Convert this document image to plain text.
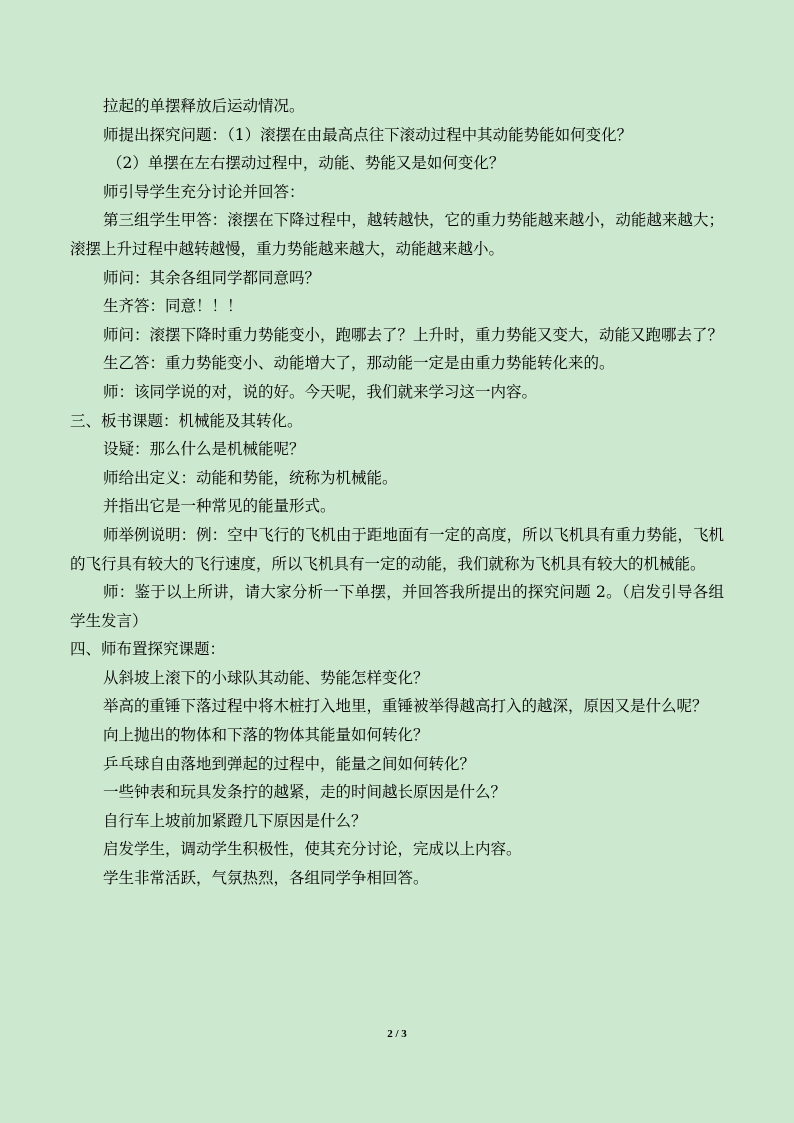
拉起的单摆释放后运动情况。

师提出探究问题：（1）滚摆在由最高点往下滚动过程中其动能势能如何变化？

（2）单摆在左右摆动过程中，动能、势能又是如何变化？

师引导学生充分讨论并回答：

第三组学生甲答：滚摆在下降过程中，越转越快，它的重力势能越来越小，动能越来越大；滚摆上升过程中越转越慢，重力势能越来越大，动能越来越小。

师问：其余各组同学都同意吗？

生齐答：同意！！！

师问：滚摆下降时重力势能变小，跑哪去了？上升时，重力势能又变大，动能又跑哪去了？

生乙答：重力势能变小、动能增大了，那动能一定是由重力势能转化来的。

师：该同学说的对，说的好。今天呢，我们就来学习这一内容。

三、板书课题：机械能及其转化。

设疑：那么什么是机械能呢？

师给出定义：动能和势能，统称为机械能。

并指出它是一种常见的能量形式。

师举例说明：例：空中飞行的飞机由于距地面有一定的高度，所以飞机具有重力势能，飞机的飞行具有较大的飞行速度，所以飞机具有一定的动能，我们就称为飞机具有较大的机械能。

师：鉴于以上所讲，请大家分析一下单摆，并回答我所提出的探究问题 2。（启发引导各组学生发言）

四、师布置探究课题：

从斜坡上滚下的小球队其动能、势能怎样变化？

举高的重锤下落过程中将木桩打入地里，重锤被举得越高打入的越深，原因又是什么呢？

向上抛出的物体和下落的物体其能量如何转化？

乒乓球自由落地到弹起的过程中，能量之间如何转化？

一些钟表和玩具发条拧的越紧，走的时间越长原因是什么？

自行车上坡前加紧蹬几下原因是什么？

启发学生，调动学生积极性，使其充分讨论，完成以上内容。

学生非常活跃，气氛热烈，各组同学争相回答。

2 / 3
